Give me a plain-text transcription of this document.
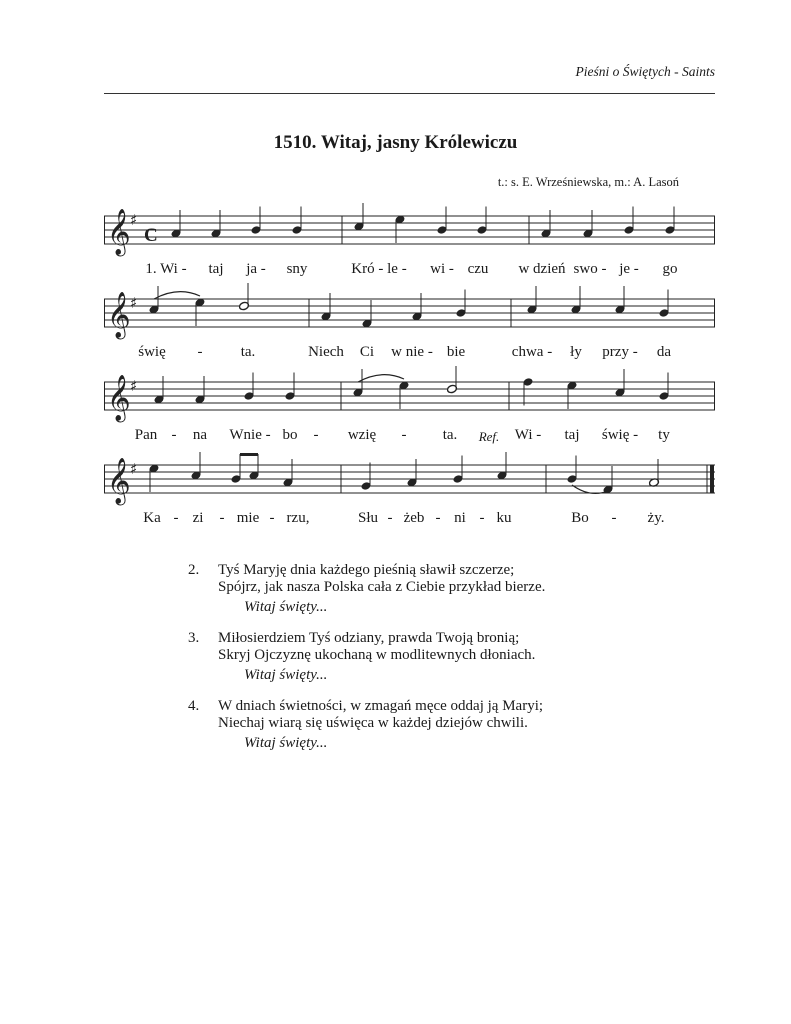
Pieśni o Świętych - Saints
1510. Witaj, jasny Królewiczu
t.: s. E. Wrześniewska, m.: A. Lasoń
𝄞 ♯
C
1. Wi - taj ja - sny	Kró - le - wi - czu w dzień swo - je - go
𝄞 ♯
świę -	ta.	Niech Ci w nie - bie	chwa - ły przy - da
𝄞 ♯
Pan - na Wnie - bo - wzię - ta. Ref. Wi - taj świę - ty
𝄞 ♯
Ka - zi - mie - rzu,	Słu - żeb - ni - ku	Bo - ży.
2. Tyś Maryję dnia każdego pieśnią sławił szczerze;
Spójrz, jak nasza Polska cała z Ciebie przykład bierze.
Witaj święty...
3. Miłosierdziem Tyś odziany, prawda Twoją bronią;
Skryj Ojczyznę ukochaną w modlitewnych dłoniach.
Witaj święty...
4. W dniach świetności, w zmagań męce oddaj ją Maryi;
Niechaj wiarą się uświęca w każdej dziejów chwili.
Witaj święty...
